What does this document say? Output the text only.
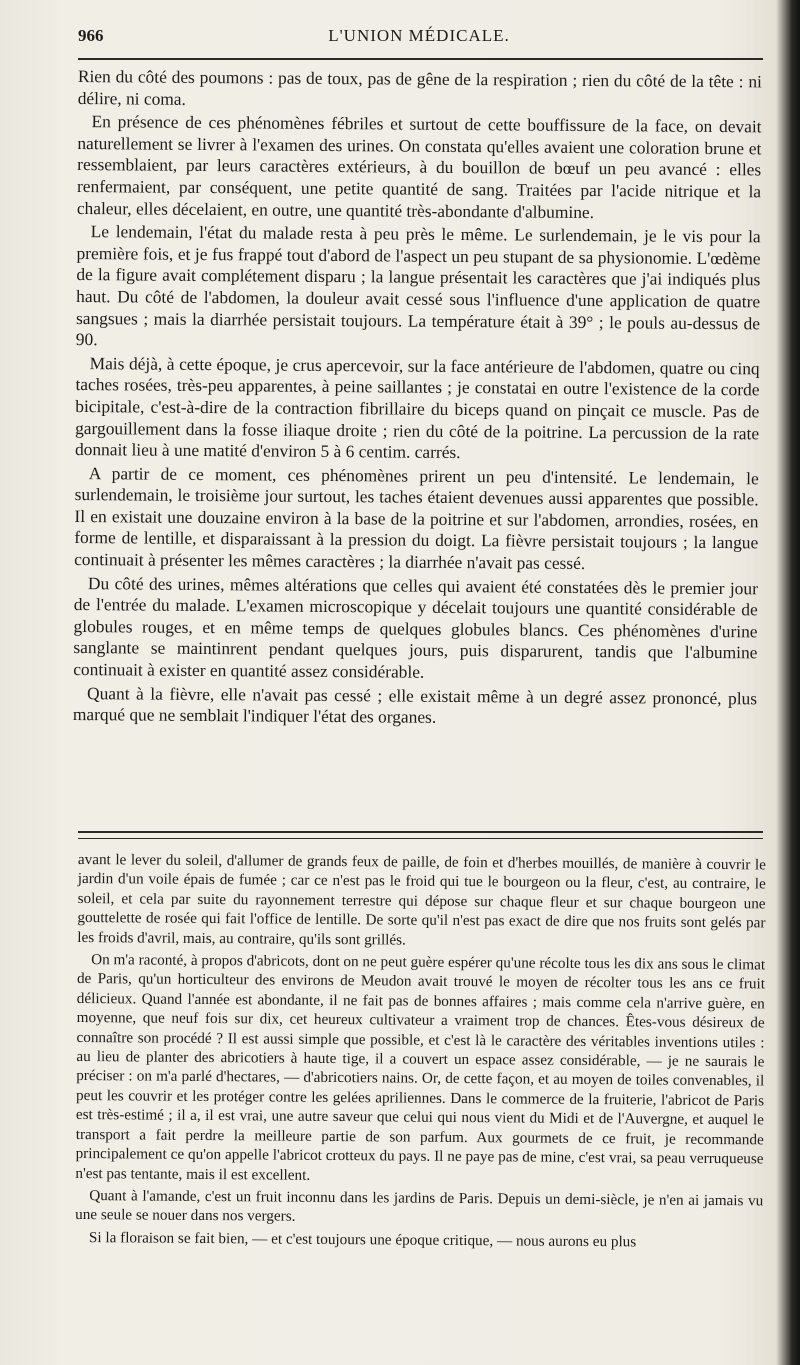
966	L'UNION MÉDICALE.

Rien du côté des poumons : pas de toux, pas de gêne de la respiration ; rien du côté de la tête : ni délire, ni coma.

En présence de ces phénomènes fébriles et surtout de cette bouffissure de la face, on devait naturellement se livrer à l'examen des urines. On constata qu'elles avaient une coloration brune et ressemblaient, par leurs caractères extérieurs, à du bouillon de bœuf un peu avancé : elles renfermaient, par conséquent, une petite quantité de sang. Traitées par l'acide nitrique et la chaleur, elles décelaient, en outre, une quantité très-abondante d'albumine.

Le lendemain, l'état du malade resta à peu près le même. Le surlendemain, je le vis pour la première fois, et je fus frappé tout d'abord de l'aspect un peu stupant de sa physionomie. L'œdème de la figure avait complétement disparu ; la langue présentait les caractères que j'ai indiqués plus haut. Du côté de l'abdomen, la douleur avait cessé sous l'influence d'une application de quatre sangsues ; mais la diarrhée persistait toujours. La température était à 39° ; le pouls au-dessus de 90.

Mais déjà, à cette époque, je crus apercevoir, sur la face antérieure de l'abdomen, quatre ou cinq taches rosées, très-peu apparentes, à peine saillantes ; je constatai en outre l'existence de la corde bicipitale, c'est-à-dire de la contraction fibrillaire du biceps quand on pinçait ce muscle. Pas de gargouillement dans la fosse iliaque droite ; rien du côté de la poitrine. La percussion de la rate donnait lieu à une matité d'environ 5 à 6 centim. carrés.

A partir de ce moment, ces phénomènes prirent un peu d'intensité. Le lendemain, le surlendemain, le troisième jour surtout, les taches étaient devenues aussi apparentes que possible. Il en existait une douzaine environ à la base de la poitrine et sur l'abdomen, arrondies, rosées, en forme de lentille, et disparaissant à la pression du doigt. La fièvre persistait toujours ; la langue continuait à présenter les mêmes caractères ; la diarrhée n'avait pas cessé.

Du côté des urines, mêmes altérations que celles qui avaient été constatées dès le premier jour de l'entrée du malade. L'examen microscopique y décelait toujours une quantité considérable de globules rouges, et en même temps de quelques globules blancs. Ces phénomènes d'urine sanglante se maintinrent pendant quelques jours, puis disparurent, tandis que l'albumine continuait à exister en quantité assez considérable.

Quant à la fièvre, elle n'avait pas cessé ; elle existait même à un degré assez prononcé, plus marqué que ne semblait l'indiquer l'état des organes.

avant le lever du soleil, d'allumer de grands feux de paille, de foin et d'herbes mouillés, de manière à couvrir le jardin d'un voile épais de fumée ; car ce n'est pas le froid qui tue le bourgeon ou la fleur, c'est, au contraire, le soleil, et cela par suite du rayonnement terrestre qui dépose sur chaque fleur et sur chaque bourgeon une gouttelette de rosée qui fait l'office de lentille. De sorte qu'il n'est pas exact de dire que nos fruits sont gelés par les froids d'avril, mais, au contraire, qu'ils sont grillés.

On m'a raconté, à propos d'abricots, dont on ne peut guère espérer qu'une récolte tous les dix ans sous le climat de Paris, qu'un horticulteur des environs de Meudon avait trouvé le moyen de récolter tous les ans ce fruit délicieux. Quand l'année est abondante, il ne fait pas de bonnes affaires ; mais comme cela n'arrive guère, en moyenne, que neuf fois sur dix, cet heureux cultivateur a vraiment trop de chances. Êtes-vous désireux de connaître son procédé ? Il est aussi simple que possible, et c'est là le caractère des véritables inventions utiles : au lieu de planter des abricotiers à haute tige, il a couvert un espace assez considérable, — je ne saurais le préciser : on m'a parlé d'hectares, — d'abricotiers nains. Or, de cette façon, et au moyen de toiles convenables, il peut les couvrir et les protéger contre les gelées apriliennes. Dans le commerce de la fruiterie, l'abricot de Paris est très-estimé ; il a, il est vrai, une autre saveur que celui qui nous vient du Midi et de l'Auvergne, et auquel le transport a fait perdre la meilleure partie de son parfum. Aux gourmets de ce fruit, je recommande principalement ce qu'on appelle l'abricot crotteux du pays. Il ne paye pas de mine, c'est vrai, sa peau verruqueuse n'est pas tentante, mais il est excellent.

Quant à l'amande, c'est un fruit inconnu dans les jardins de Paris. Depuis un demi-siècle, je n'en ai jamais vu une seule se nouer dans nos vergers.

Si la floraison se fait bien, — et c'est toujours une époque critique, — nous aurons eu plus
